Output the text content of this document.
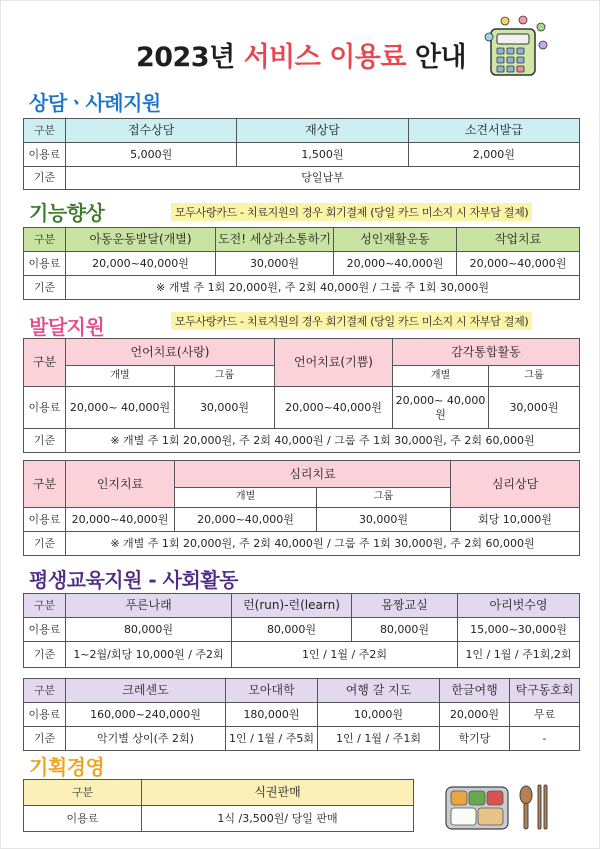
2023년 서비스 이용료 안내
상담ㆍ사례지원
구분	접수상담	재상담	소견서발급
이용료	5,000원	1,500원	2,000원
기준	당일납부		
기능향상	모두사랑카드 - 치료지원의 경우 회기결제 (당일 카드 미소지 시 자부담 결제)
구분	아동운동발달(개별)	도전! 세상과소통하기	성인재활운동	작업치료
이용료	20,000~40,000원	30,000원	20,000~40,000원	20,000~40,000원
기준	※ 개별 주 1회 20,000원, 주 2회 40,000원 / 그룹 주 1회 30,000원			
발달지원	모두사랑카드 - 치료지원의 경우 회기결제 (당일 카드 미소지 시 자부담 결제)
구분	언어치료(사랑)		언어치료(기쁨)	감각통합활동	
	개별	그룹		개별	그룹
이용료	20,000~ 40,000원	30,000원	20,000~40,000원	20,000~ 40,000원	30,000원
기준	※ 개별 주 1회 20,000원, 주 2회 40,000원 / 그룹 주 1회 30,000원, 주 2회 60,000원				
구분	인지치료	심리치료		심리상담
		개별	그룹	
이용료	20,000~40,000원	20,000~40,000원	30,000원	회당 10,000원
기준	※ 개별 주 1회 20,000원, 주 2회 40,000원 / 그룹 주 1회 30,000원, 주 2회 60,000원			
평생교육지원 - 사회활동
구분	푸른나래	런(run)-런(learn)	몸짱교실	아리벗수영
이용료	80,000원	80,000원	80,000원	15,000~30,000원
기준	1~2월/회당 10,000원 / 주2회	1인 / 1월 / 주2회		1인 / 1월 / 주1회,2회
구분	크레센도	모아대학	여행 갈 지도	한글여행	탁구동호회
이용료	160,000~240,000원	180,000원	10,000원	20,000원	무료
기준	악기별 상이(주 2회)	1인 / 1월 / 주5회	1인 / 1월 / 주1회	학기당	-
기획경영
구분	식권판매
이용료	1식 /3,500원/ 당일 판매
